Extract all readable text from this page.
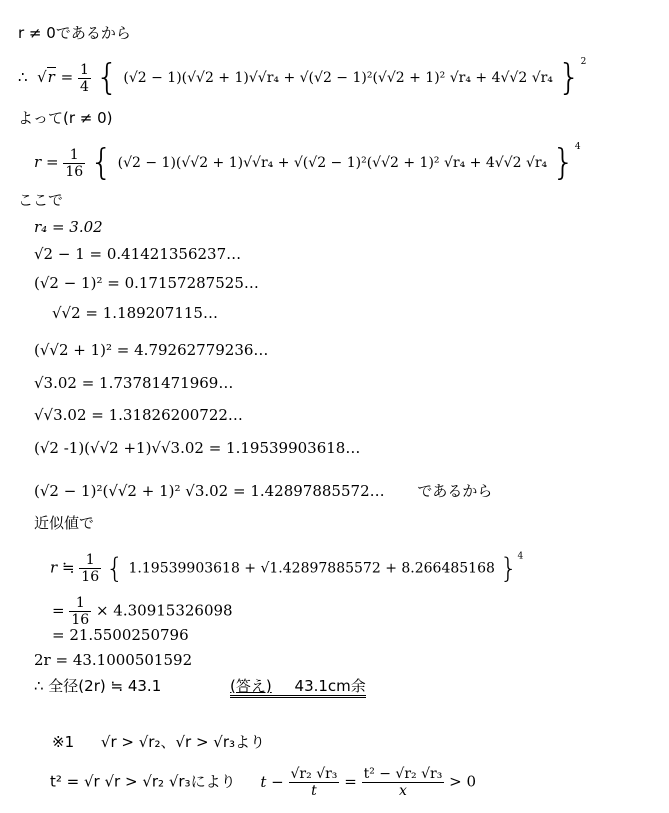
r ≠ 0であるから
∴  $√r = \frac{1}{4}$ { (√2 − 1)(√√2 + 1)√√r₄ + √(√2 − 1)²(√√2 + 1)² √r₄ + 4√√2 √r₄ }$^2$
よって(r ≠ 0)
$r = \frac{1}{16}$ { (√2 − 1)(√√2 + 1)√√r₄ + √(√2 − 1)²(√√2 + 1)² √r₄ + 4√√2 √r₄ }$^4$
ここで
r₄ = 3.02
√2 − 1 = 0.41421356237…
(√2 − 1)² = 0.17157287525…
√√2 = 1.189207115…
(√√2 + 1)² = 4.79262779236…
√3.02 = 1.73781471969…
√√3.02 = 1.31826200722…
(√2 -1)(√√2 +1)√√3.02 = 1.19539903618…
(√2 − 1)²(√√2 + 1)² √3.02 = 1.42897885572… であるから
近似値で
r ≒ $\frac{1}{16}$ { 1.19539903618 + √1.42897885572 + 8.266485168 }$^4$
= $\frac{1}{16} \times 4.30915326098$
= 21.5500250796
2r = 43.1000501592
∴ 全径(2r) ≒ 43.1	(答え) 43.1cm余
※1 √r > √r₂、√r > √r₃より
t² = √r √r > √r₂ √r₃により $t - \frac{\text{√r₂ √r₃}}{t} = \frac{\text{t² − √r₂ √r₃}}{x} > 0$
